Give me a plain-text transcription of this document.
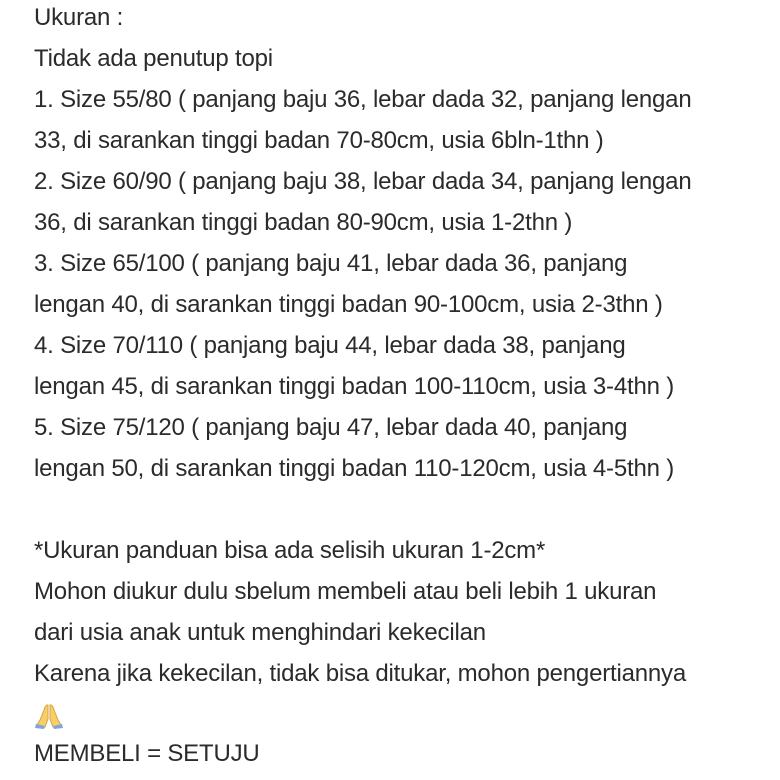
Ukuran :
Tidak ada penutup topi
1. Size 55/80 ( panjang baju 36, lebar dada 32, panjang lengan
33, di sarankan tinggi badan 70-80cm, usia 6bln-1thn )
2. Size 60/90 ( panjang baju 38, lebar dada 34, panjang lengan
36, di sarankan tinggi badan 80-90cm, usia 1-2thn )
3. Size 65/100 ( panjang baju 41, lebar dada 36, panjang
lengan 40, di sarankan tinggi badan 90-100cm, usia 2-3thn )
4. Size 70/110 ( panjang baju 44, lebar dada 38, panjang
lengan 45, di sarankan tinggi badan 100-110cm, usia 3-4thn )
5. Size 75/120 ( panjang baju 47, lebar dada 40, panjang
lengan 50, di sarankan tinggi badan 110-120cm, usia 4-5thn )
*Ukuran panduan bisa ada selisih ukuran 1-2cm*
Mohon diukur dulu sbelum membeli atau beli lebih 1 ukuran
dari usia anak untuk menghindari kekecilan
Karena jika kekecilan, tidak bisa ditukar, mohon pengertiannya
MEMBELI = SETUJU
